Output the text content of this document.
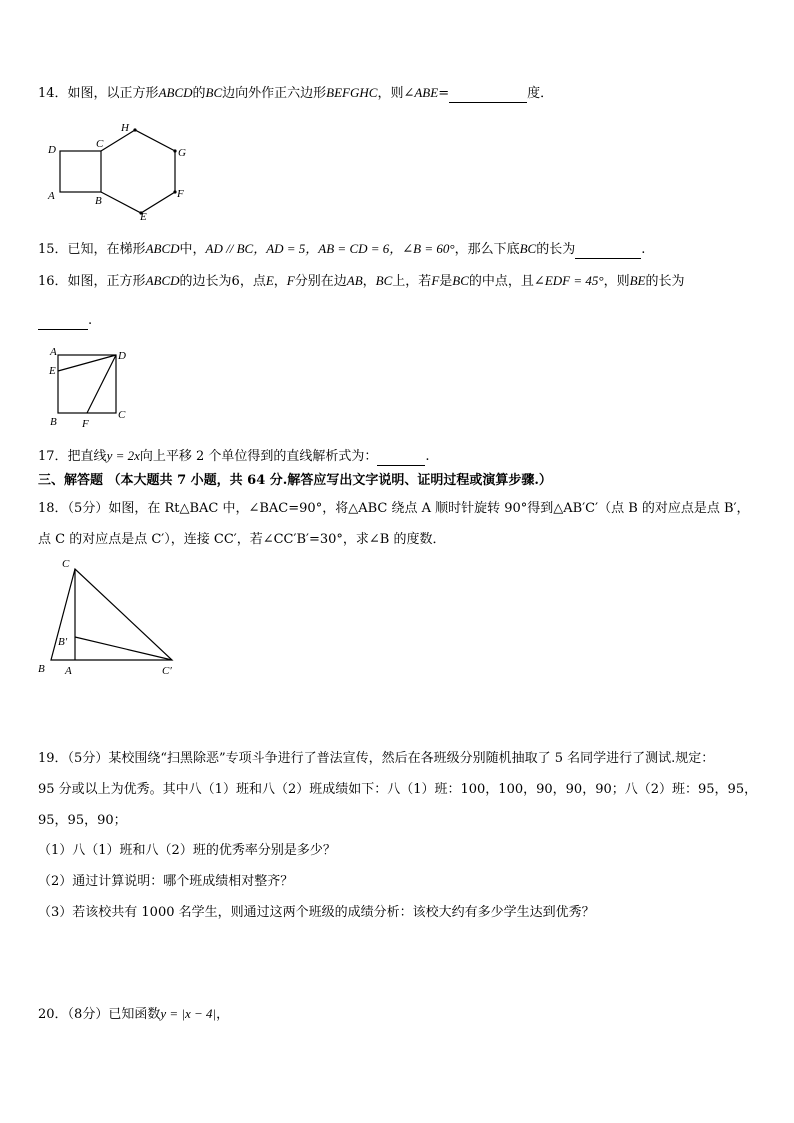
14．如图，以正方形ABCD的BC边向外作正六边形BEFGHC，则∠ABE=	度．
D	C
H
G
A	B
F
E
15．已知，在梯形ABCD中，AD // BC，AD = 5，AB = CD = 6，∠B = 60°，那么下底BC的长为	.
16．如图，正方形ABCD的边长为6，点E，F分别在边AB，BC上，若F是BC的中点，且∠EDF = 45°，则BE的长为
.
A	D
E
B F
C
17．把直线y = 2x向上平移 2 个单位得到的直线解析式为：	.
三、解答题 （本大题共 7 小题，共 64 分.解答应写出文字说明、证明过程或演算步骤.）
18．（5分）如图，在 Rt△BAC 中，∠BAC=90°，将△ABC 绕点 A 顺时针旋转 90°得到△AB′C′（点 B 的对应点是点 B′，
点 C 的对应点是点 C′），连接 CC′，若∠CC′B′=30°，求∠B 的度数．
C
B′
B A	C′
19．（5分）某校围绕“扫黑除恶”专项斗争进行了普法宣传，然后在各班级分别随机抽取了 5 名同学进行了测试.规定：
95 分或以上为优秀。其中八（1）班和八（2）班成绩如下：八（1）班：100，100，90，90，90；八（2）班：95，95，
95，95，90；
（1）八（1）班和八（2）班的优秀率分别是多少？
（2）通过计算说明：哪个班成绩相对整齐？
（3）若该校共有 1000 名学生，则通过这两个班级的成绩分析：该校大约有多少学生达到优秀？
20．（8分）已知函数y = |x − 4|，
